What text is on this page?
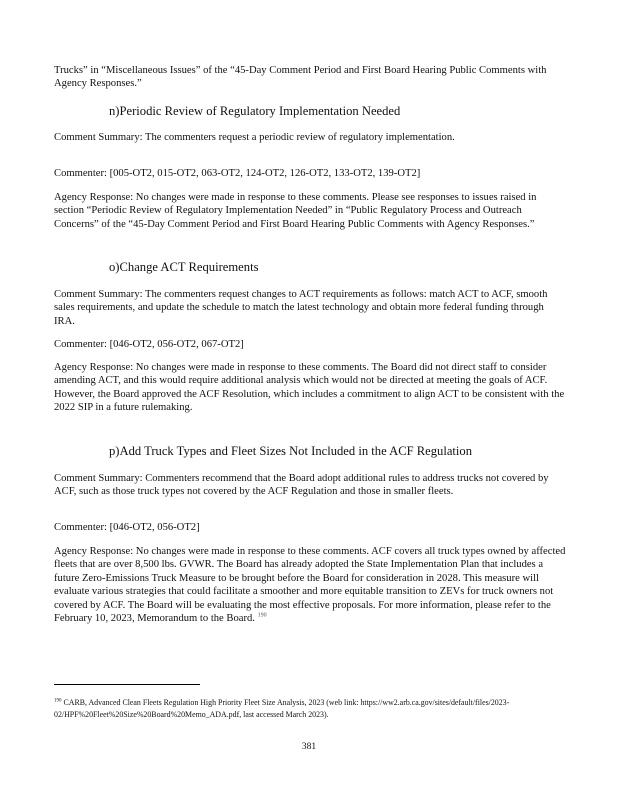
Trucks” in “Miscellaneous Issues” of the “45-Day Comment Period and First Board Hearing Public Comments with Agency Responses.”

n)Periodic Review of Regulatory Implementation Needed

Comment Summary: The commenters request a periodic review of regulatory implementation.

Commenter: [005-OT2, 015-OT2, 063-OT2, 124-OT2, 126-OT2, 133-OT2, 139-OT2]

Agency Response: No changes were made in response to these comments. Please see responses to issues raised in section “Periodic Review of Regulatory Implementation Needed” in “Public Regulatory Process and Outreach Concerns” of the “45-Day Comment Period and First Board Hearing Public Comments with Agency Responses.”

o)Change ACT Requirements

Comment Summary: The commenters request changes to ACT requirements as follows: match ACT to ACF, smooth sales requirements, and update the schedule to match the latest technology and obtain more federal funding through IRA.

Commenter: [046-OT2, 056-OT2, 067-OT2]

Agency Response: No changes were made in response to these comments. The Board did not direct staff to consider amending ACT, and this would require additional analysis which would not be directed at meeting the goals of ACF. However, the Board approved the ACF Resolution, which includes a commitment to align ACT to be consistent with the 2022 SIP in a future rulemaking.

p)Add Truck Types and Fleet Sizes Not Included in the ACF Regulation

Comment Summary: Commenters recommend that the Board adopt additional rules to address trucks not covered by ACF, such as those truck types not covered by the ACF Regulation and those in smaller fleets.

Commenter: [046-OT2, 056-OT2]

Agency Response: No changes were made in response to these comments. ACF covers all truck types owned by affected fleets that are over 8,500 lbs. GVWR. The Board has already adopted the State Implementation Plan that includes a future Zero-Emissions Truck Measure to be brought before the Board for consideration in 2028. This measure will evaluate various strategies that could facilitate a smoother and more equitable transition to ZEVs for truck owners not covered by ACF. The Board will be evaluating the most effective proposals. For more information, please refer to the February 10, 2023, Memorandum to the Board. $^{190}$

$^{190}$ CARB, Advanced Clean Fleets Regulation High Priority Fleet Size Analysis, 2023 (web link: https://ww2.arb.ca.gov/sites/default/files/2023-02/HPF%20Fleet%20Size%20Board%20Memo_ADA.pdf, last accessed March 2023).

381
